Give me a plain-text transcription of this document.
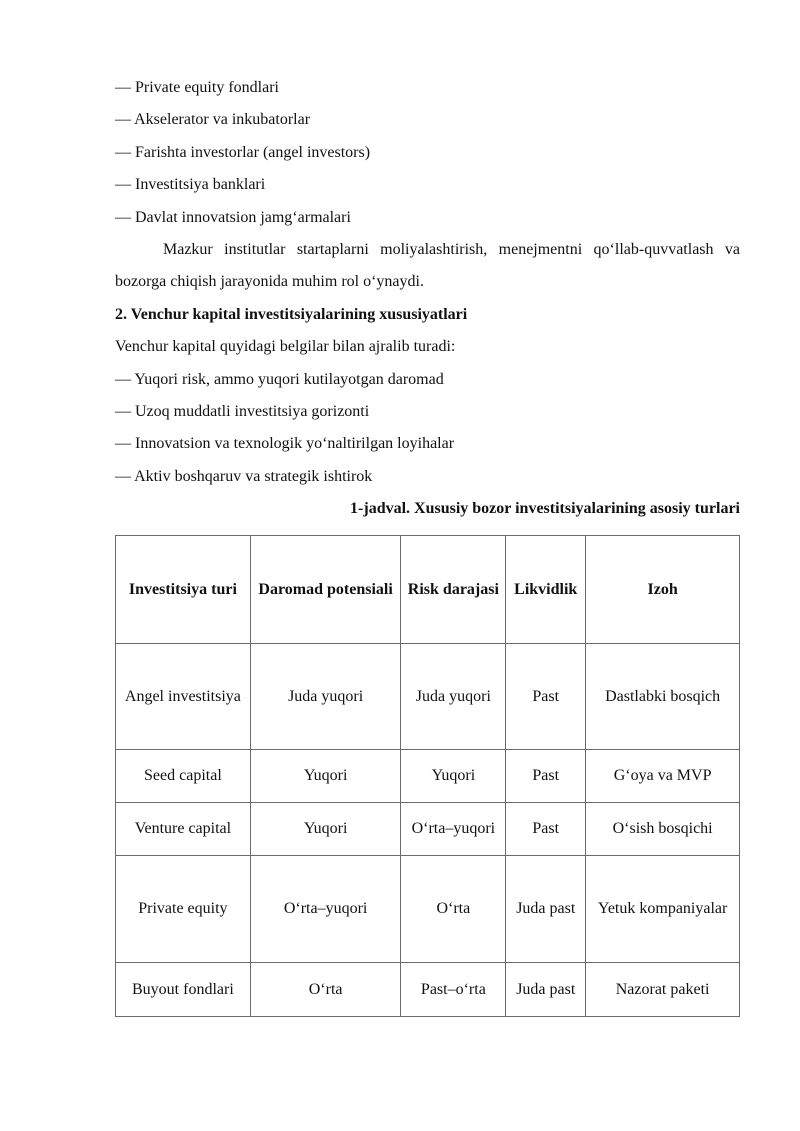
— Private equity fondlari
— Akselerator va inkubatorlar
— Farishta investorlar (angel investors)
— Investitsiya banklari
— Davlat innovatsion jamg‘armalari

Mazkur institutlar startaplarni moliyalashtirish, menejmentni qo‘llab-quvvatlash va bozorga chiqish jarayonida muhim rol o‘ynaydi.

2. Venchur kapital investitsiyalarining xususiyatlari
Venchur kapital quyidagi belgilar bilan ajralib turadi:
— Yuqori risk, ammo yuqori kutilayotgan daromad
— Uzoq muddatli investitsiya gorizonti
— Innovatsion va texnologik yo‘naltirilgan loyihalar
— Aktiv boshqaruv va strategik ishtirok
1-jadval. Xususiy bozor investitsiyalarining asosiy turlari
Investitsiya turi	Daromad potensiali	Risk darajasi	Likvidlik	Izoh
Angel investitsiya	Juda yuqori	Juda yuqori	Past	Dastlabki bosqich
Seed capital	Yuqori	Yuqori	Past	G‘oya va MVP
Venture capital	Yuqori	O‘rta–yuqori	Past	O‘sish bosqichi
Private equity	O‘rta–yuqori	O‘rta	Juda past	Yetuk kompaniyalar
Buyout fondlari	O‘rta	Past–o‘rta	Juda past	Nazorat paketi
